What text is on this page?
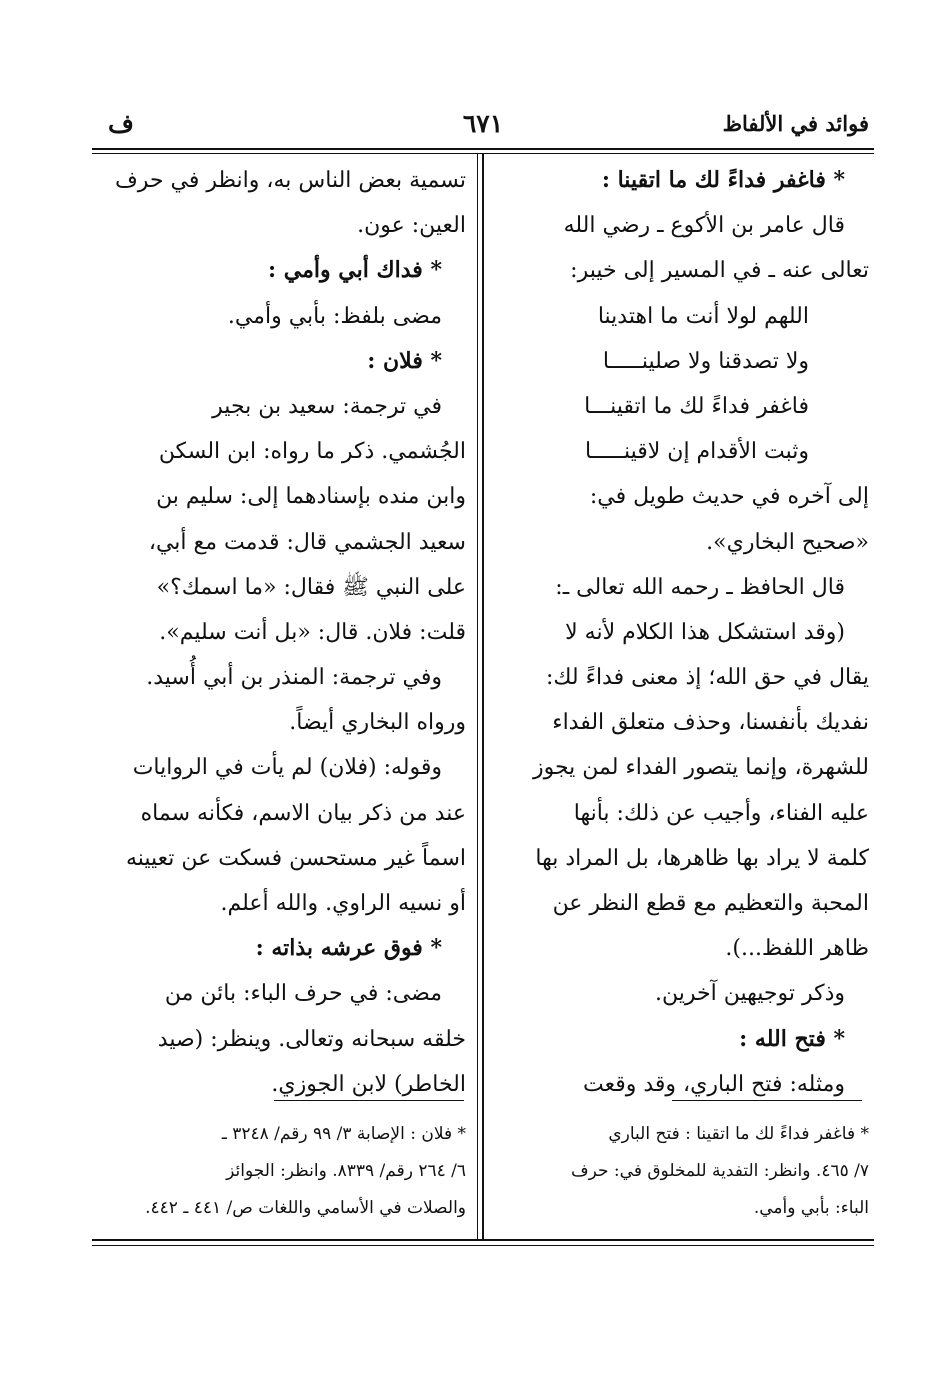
فوائد في الألفاظ
٦٧١
ف
* فاغفر فداءً لك ما اتقينا :
قال عامر بن الأكوع ـ رضي الله
تعالى عنه ـ في المسير إلى خيبر:
اللهم لولا أنت ما اهتدينا
ولا تصدقنا ولا صلينـــــا
فاغفر فداءً لك ما اتقينـــا
وثبت الأقدام إن لاقينـــــا
إلى آخره في حديث طويل في:
«صحيح البخاري».
قال الحافظ ـ رحمه الله تعالى ـ:
(وقد استشكل هذا الكلام لأنه لا
يقال في حق الله؛ إذ معنى فداءً لك:
نفديك بأنفسنا، وحذف متعلق الفداء
للشهرة، وإنما يتصور الفداء لمن يجوز
عليه الفناء، وأجيب عن ذلك: بأنها
كلمة لا يراد بها ظاهرها، بل المراد بها
المحبة والتعظيم مع قطع النظر عن
ظاهر اللفظ...).
وذكر توجيهين آخرين.
* فتح الله :
ومثله: فتح الباري، وقد وقعت
تسمية بعض الناس به، وانظر في حرف
العين: عون.
* فداك أبي وأمي :
مضى بلفظ: بأبي وأمي.
* فلان :
في ترجمة: سعيد بن بجير
الجُشمي. ذكر ما رواه: ابن السكن
وابن منده بإسنادهما إلى: سليم بن
سعيد الجشمي قال: قدمت مع أبي،
على النبي ﷺ فقال: «ما اسمك؟»
قلت: فلان. قال: «بل أنت سليم».
وفي ترجمة: المنذر بن أبي أُسيد.
ورواه البخاري أيضاً.
وقوله: (فلان) لم يأت في الروايات
عند من ذكر بيان الاسم، فكأنه سماه
اسماً غير مستحسن فسكت عن تعيينه
أو نسيه الراوي. والله أعلم.
* فوق عرشه بذاته :
مضى: في حرف الباء: بائن من
خلقه سبحانه وتعالى. وينظر: (صيد
الخاطر) لابن الجوزي.
* فاغفر فداءً لك ما اتقينا : فتح الباري
٧/ ٤٦٥. وانظر: التفدية للمخلوق في: حرف
الباء: بأبي وأمي.
* فلان : الإصابة ٣/ ٩٩ رقم/ ٣٢٤٨ ـ
٦/ ٢٦٤ رقم/ ٨٣٣٩. وانظر: الجوائز
والصلات في الأسامي واللغات ص/ ٤٤١ ـ ٤٤٢.
